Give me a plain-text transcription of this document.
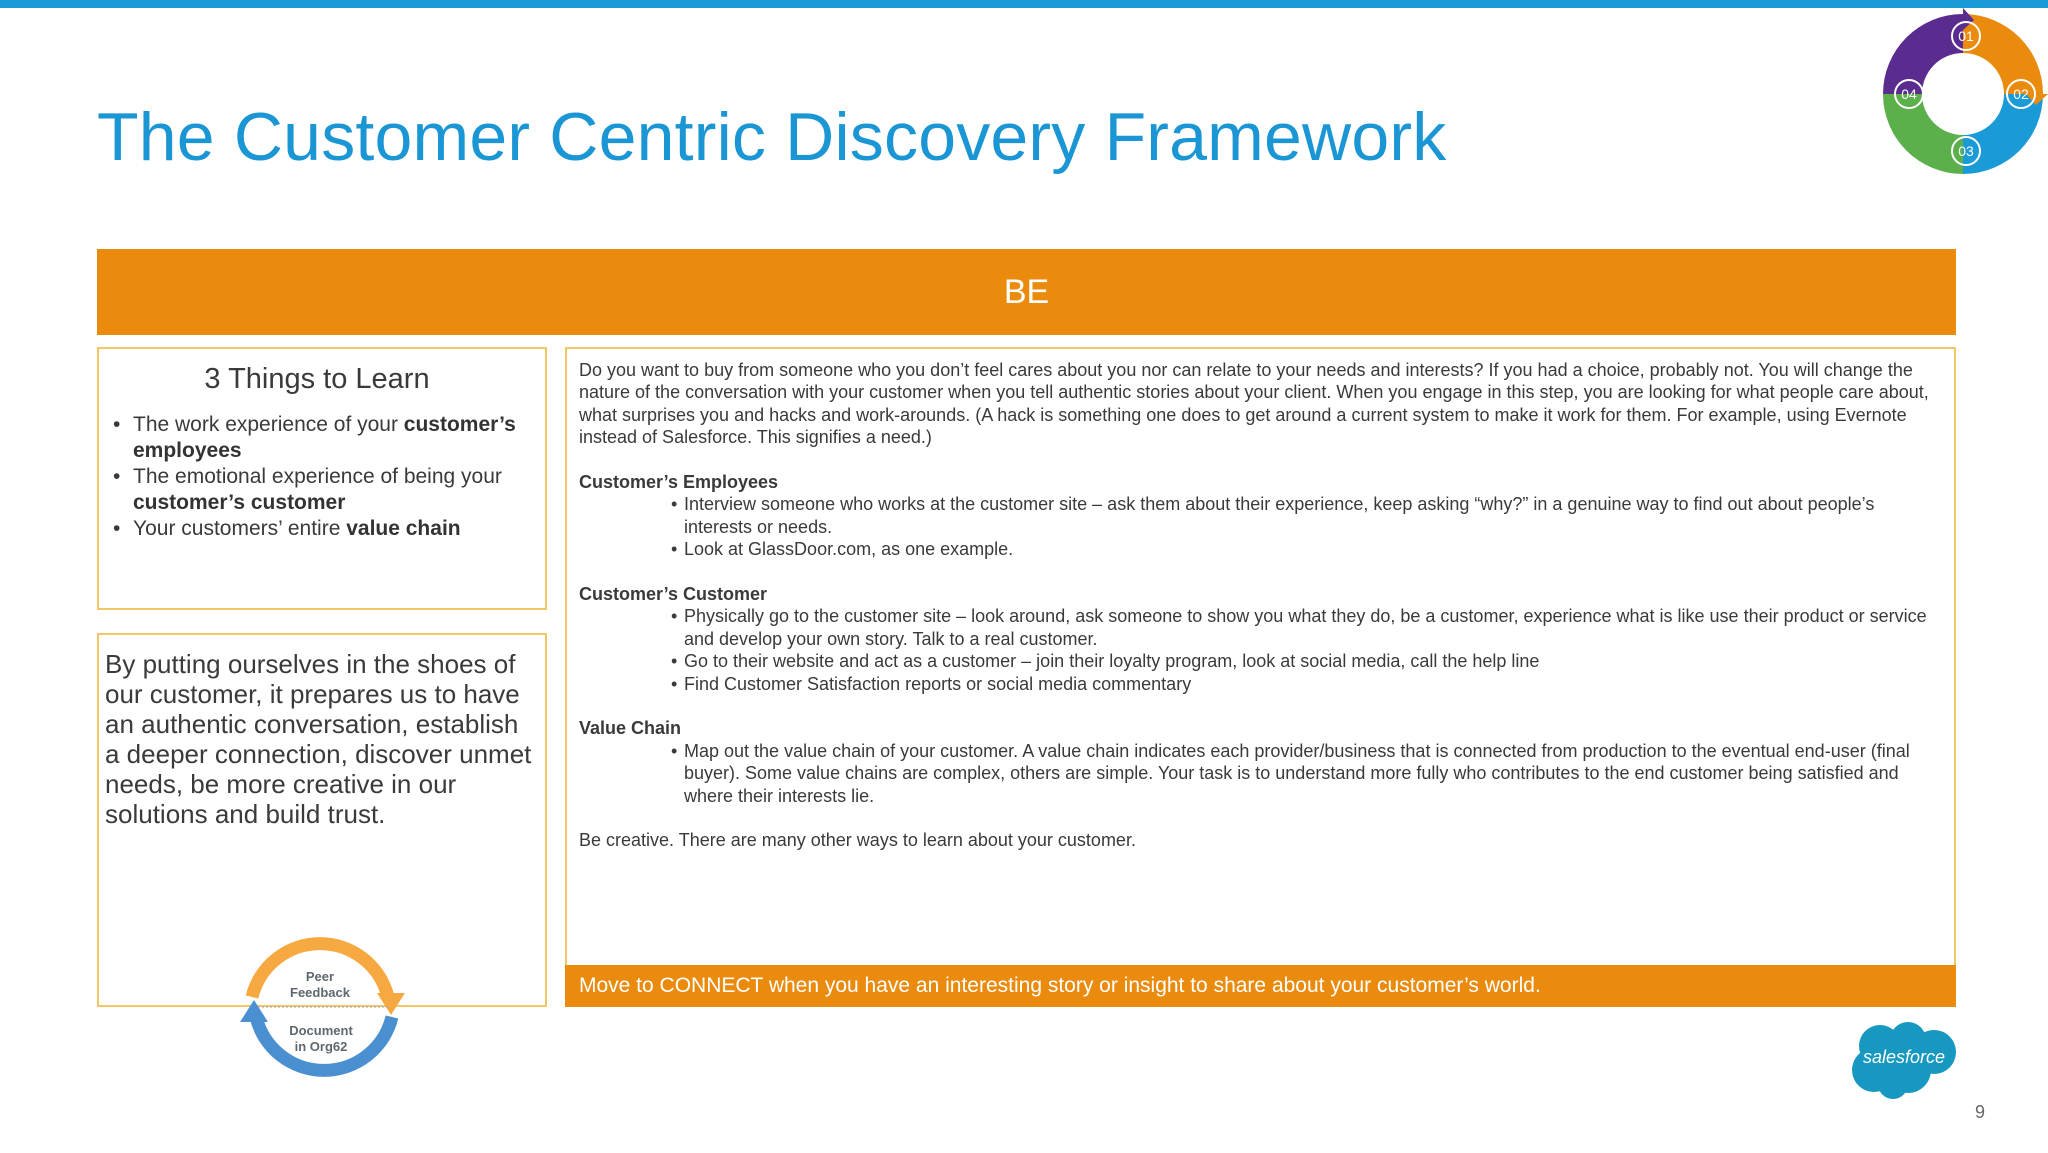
The Customer Centric Discovery Framework
01
02
03
04
BE

3 Things to Learn

• The work experience of your customer’s employees
• The emotional experience of being your customer’s customer
• Your customers’ entire value chain

By putting ourselves in the shoes of our customer, it prepares us to have an authentic conversation, establish a deeper connection, discover unmet needs, be more creative in our solutions and build trust.

Peer
Feedback
Document
in Org62

Do you want to buy from someone who you don’t feel cares about you nor can relate to your needs and interests? If you had a choice, probably not. You will change the nature of the conversation with your customer when you tell authentic stories about your client. When you engage in this step, you are looking for what people care about, what surprises you and hacks and work-arounds. (A hack is something one does to get around a current system to make it work for them. For example, using Evernote instead of Salesforce. This signifies a need.)

Customer’s Employees

• Interview someone who works at the customer site – ask them about their experience, keep asking “why?” in a genuine way to find out about people’s interests or needs.

• Look at GlassDoor.com, as one example.

Customer’s Customer

• Physically go to the customer site – look around, ask someone to show you what they do, be a customer, experience what is like use their product or service and develop your own story. Talk to a real customer.

• Go to their website and act as a customer – join their loyalty program, look at social media, call the help line

• Find Customer Satisfaction reports or social media commentary

Value Chain

• Map out the value chain of your customer. A value chain indicates each provider/business that is connected from production to the eventual end-user (final buyer). Some value chains are complex, others are simple. Your task is to understand more fully who contributes to the end customer being satisfied and where their interests lie.

Be creative. There are many other ways to learn about your customer.

Move to CONNECT when you have an interesting story or insight to share about your customer’s world.
salesforce
9
